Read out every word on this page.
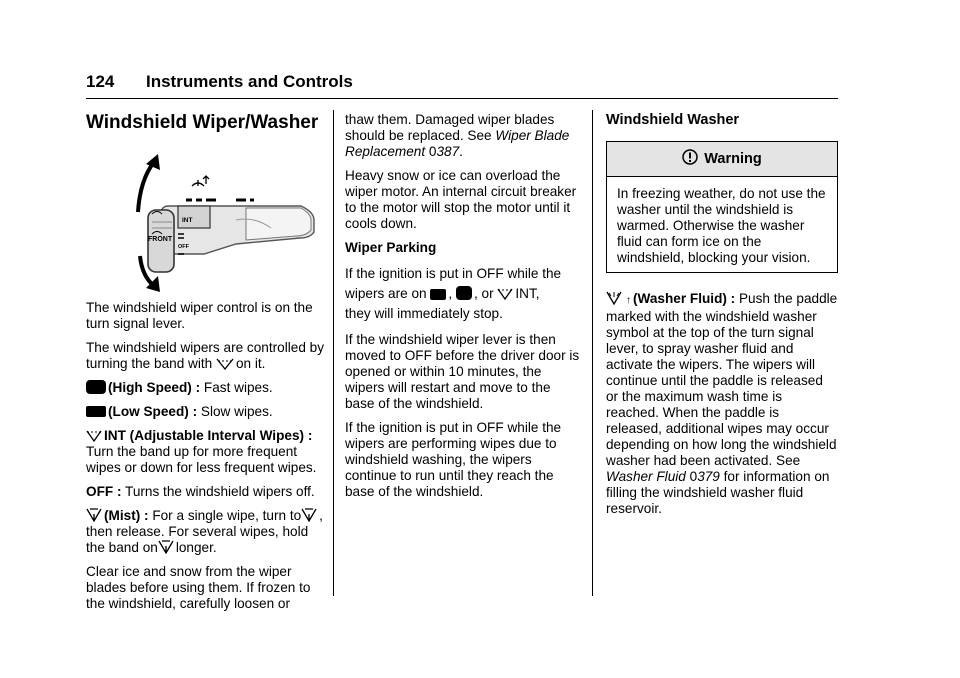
124 Instruments and Controls
Windshield Wiper/Washer
INT
FRONT
OFF

The windshield wiper control is on the turn signal lever.

The windshield wipers are controlled by turning the band with on it.

(High Speed) : Fast wipes.

(Low Speed) : Slow wipes.

INT (Adjustable Interval Wipes) : Turn the band up for more frequent wipes or down for less frequent wipes.

OFF : Turns the windshield wipers off.

(Mist) : For a single wipe, turn to , then release. For several wipes, hold the band on longer.

Clear ice and snow from the wiper blades before using them. If frozen to the windshield, carefully loosen or

thaw them. Damaged wiper blades should be replaced. See Wiper Blade Replacement 0387.

Heavy snow or ice can overload the wiper motor. An internal circuit breaker to the motor will stop the motor until it cools down.

Wiper Parking

If the ignition is put in OFF while the wipers are on , , or INT,
they will immediately stop.

If the windshield wiper lever is then moved to OFF before the driver door is opened or within 10 minutes, the wipers will restart and move to the base of the windshield.

If the ignition is put in OFF while the wipers are performing wipes due to windshield washing, the wipers continue to run until they reach the base of the windshield.

Windshield Washer
Warning
In freezing weather, do not use the washer until the windshield is warmed. Otherwise the washer fluid can form ice on the windshield, blocking your vision.

↑ (Washer Fluid) : Push the paddle marked with the windshield washer symbol at the top of the turn signal lever, to spray washer fluid and activate the wipers. The wipers will continue until the paddle is released or the maximum wash time is reached. When the paddle is released, additional wipes may occur depending on how long the windshield washer had been activated. See Washer Fluid 0379 for information on filling the windshield washer fluid reservoir.
